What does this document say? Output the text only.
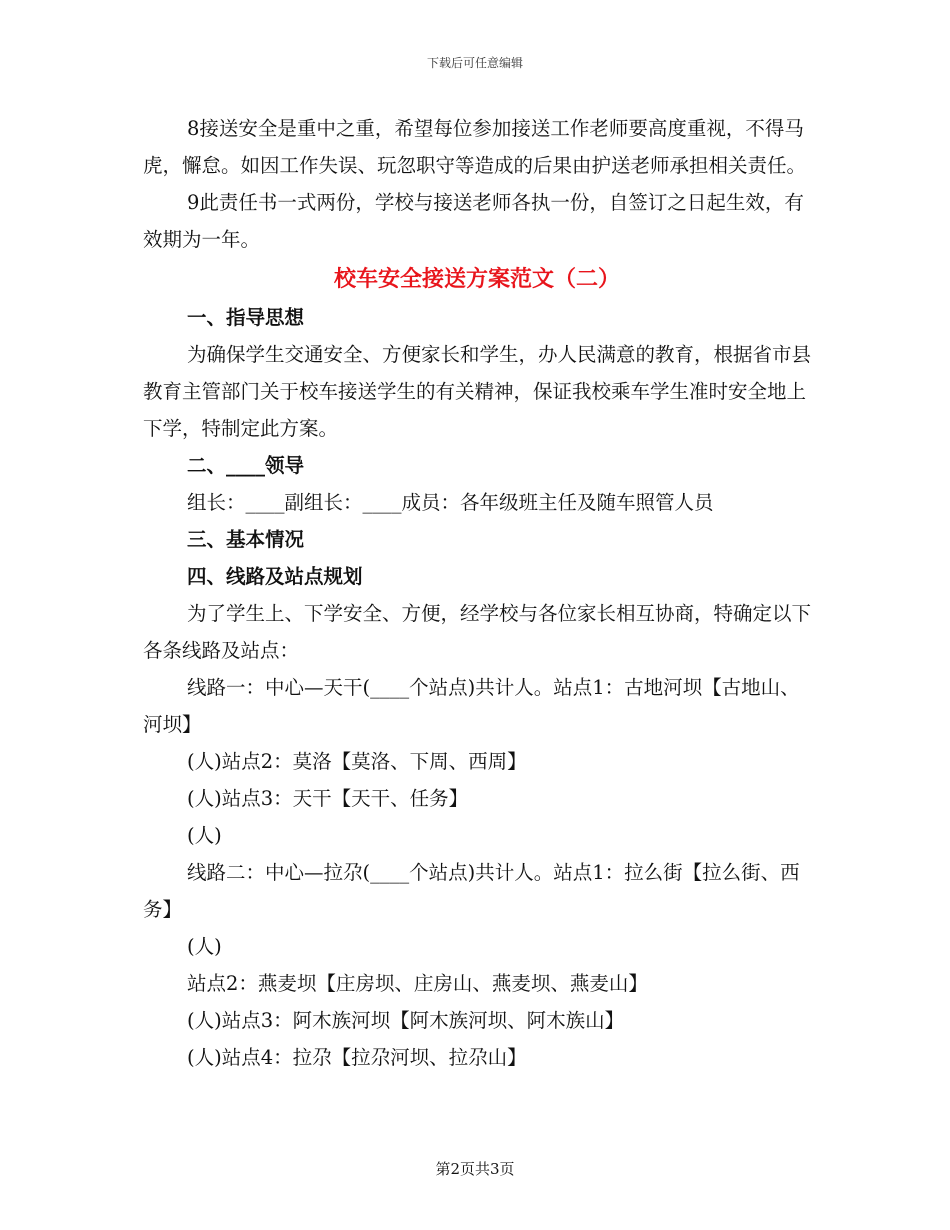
下载后可任意编辑

8接送安全是重中之重，希望每位参加接送工作老师要高度重视，不得马虎，懈怠。如因工作失误、玩忽职守等造成的后果由护送老师承担相关责任。

9此责任书一式两份，学校与接送老师各执一份，自签订之日起生效，有效期为一年。

校车安全接送方案范文（二）

一、指导思想

为确保学生交通安全、方便家长和学生，办人民满意的教育，根据省市县教育主管部门关于校车接送学生的有关精神，保证我校乘车学生准时安全地上下学，特制定此方案。

二、____领导

组长：____副组长：____成员：各年级班主任及随车照管人员

三、基本情况

四、线路及站点规划

为了学生上、下学安全、方便，经学校与各位家长相互协商，特确定以下各条线路及站点：

线路一：中心—天干(____个站点)共计人。站点1：古地河坝【古地山、河坝】

(人)站点2：莫洛【莫洛、下周、西周】

(人)站点3：天干【天干、任务】

(人)

线路二：中心—拉尕(____个站点)共计人。站点1：拉么街【拉么街、西务】

(人)

站点2：燕麦坝【庄房坝、庄房山、燕麦坝、燕麦山】

(人)站点3：阿木族河坝【阿木族河坝、阿木族山】

(人)站点4：拉尕【拉尕河坝、拉尕山】

第2页共3页
